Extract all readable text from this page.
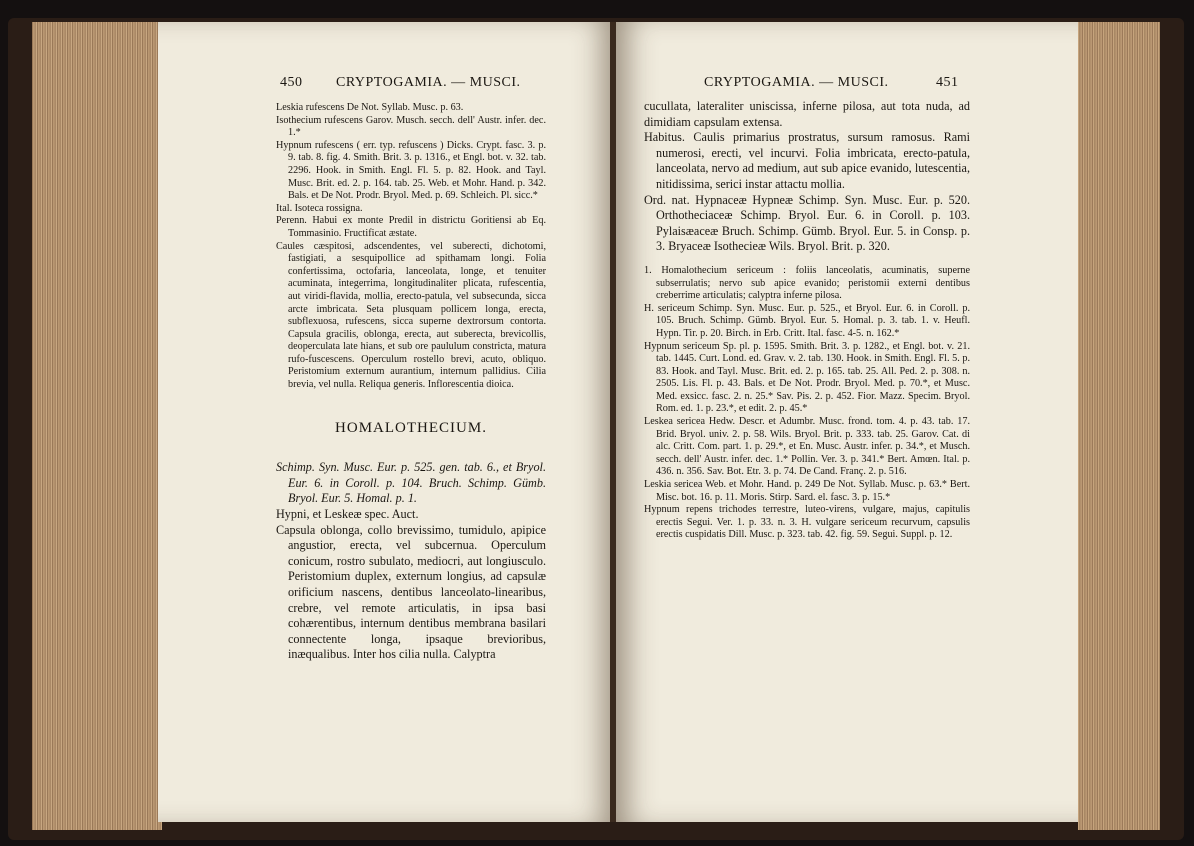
450 CRYPTOGAMIA. — MUSCI.

Leskia rufescens De Not. Syllab. Musc. p. 63.

Isothecium rufescens Garov. Musch. secch. dell' Austr. infer. dec. 1.*

Hypnum rufescens ( err. typ. refuscens ) Dicks. Crypt. fasc. 3. p. 9. tab. 8. fig. 4. Smith. Brit. 3. p. 1316., et Engl. bot. v. 32. tab. 2296. Hook. in Smith. Engl. Fl. 5. p. 82. Hook. and Tayl. Musc. Brit. ed. 2. p. 164. tab. 25. Web. et Mohr. Hand. p. 342. Bals. et De Not. Prodr. Bryol. Med. p. 69. Schleich. Pl. sicc.*

Ital. Isoteca rossigna.

Perenn. Habui ex monte Predil in districtu Goritiensi ab Eq. Tommasinio. Fructificat æstate.

Caules cæspitosi, adscendentes, vel suberecti, dichotomi, fastigiati, a sesquipollice ad spithamam longi. Folia confertissima, octofaria, lanceolata, longe, et tenuiter acuminata, integerrima, longitudinaliter plicata, rufescentia, aut viridi-flavida, mollia, erecto-patula, vel subsecunda, sicca arcte imbricata. Seta plusquam pollicem longa, erecta, subflexuosa, rufescens, sicca superne dextrorsum contorta. Capsula gracilis, oblonga, erecta, aut suberecta, brevicollis, deoperculata late hians, et sub ore paululum constricta, matura rufo-fuscescens. Operculum rostello brevi, acuto, obliquo. Peristomium externum aurantium, internum pallidius. Cilia brevia, vel nulla. Reliqua generis. Inflorescentia dioica.

HOMALOTHECIUM.

Schimp. Syn. Musc. Eur. p. 525. gen. tab. 6., et Bryol. Eur. 6. in Coroll. p. 104. Bruch. Schimp. Gümb. Bryol. Eur. 5. Homal. p. 1.

Hypni, et Leskeæ spec. Auct.

Capsula oblonga, collo brevissimo, tumidulo, apipice angustior, erecta, vel subcernua. Operculum conicum, rostro subulato, mediocri, aut longiusculo. Peristomium duplex, externum longius, ad capsulæ orificium nascens, dentibus lanceolato-linearibus, crebre, vel remote articulatis, in ipsa basi cohærentibus, internum dentibus membrana basilari connectente longa, ipsaque brevioribus, inæqualibus. Inter hos cilia nulla. Calyptra

CRYPTOGAMIA. — MUSCI.	451

cucullata, lateraliter uniscissa, inferne pilosa, aut tota nuda, ad dimidiam capsulam extensa.

Habitus. Caulis primarius prostratus, sursum ramosus. Rami numerosi, erecti, vel incurvi. Folia imbricata, erecto-patula, lanceolata, nervo ad medium, aut sub apice evanido, lutescentia, nitidissima, serici instar attactu mollia.

Ord. nat. Hypnaceæ Hypneæ Schimp. Syn. Musc. Eur. p. 520. Orthotheciaceæ Schimp. Bryol. Eur. 6. in Coroll. p. 103. Pylaisæaceæ Bruch. Schimp. Gümb. Bryol. Eur. 5. in Consp. p. 3. Bryaceæ Isothecieæ Wils. Bryol. Brit. p. 320.

1. Homalothecium sericeum : foliis lanceolatis, acuminatis, superne subserrulatis; nervo sub apice evanido; peristomii externi dentibus creberrime articulatis; calyptra inferne pilosa.

H. sericeum Schimp. Syn. Musc. Eur. p. 525., et Bryol. Eur. 6. in Coroll. p. 105. Bruch. Schimp. Gümb. Bryol. Eur. 5. Homal. p. 3. tab. 1. v. Heufl. Hypn. Tir. p. 20. Birch. in Erb. Critt. Ital. fasc. 4-5. n. 162.*

Hypnum sericeum Sp. pl. p. 1595. Smith. Brit. 3. p. 1282., et Engl. bot. v. 21. tab. 1445. Curt. Lond. ed. Grav. v. 2. tab. 130. Hook. in Smith. Engl. Fl. 5. p. 83. Hook. and Tayl. Musc. Brit. ed. 2. p. 165. tab. 25. All. Ped. 2. p. 308. n. 2505. Lis. Fl. p. 43. Bals. et De Not. Prodr. Bryol. Med. p. 70.*, et Musc. Med. exsicc. fasc. 2. n. 25.* Sav. Pis. 2. p. 452. Fior. Mazz. Specim. Bryol. Rom. ed. 1. p. 23.*, et edit. 2. p. 45.*

Leskea sericea Hedw. Descr. et Adumbr. Musc. frond. tom. 4. p. 43. tab. 17. Brid. Bryol. univ. 2. p. 58. Wils. Bryol. Brit. p. 333. tab. 25. Garov. Cat. di alc. Critt. Com. part. 1. p. 29.*, et En. Musc. Austr. infer. p. 34.*, et Musch. secch. dell' Austr. infer. dec. 1.* Pollin. Ver. 3. p. 341.* Bert. Amœn. Ital. p. 436. n. 356. Sav. Bot. Etr. 3. p. 74. De Cand. Franç. 2. p. 516.

Leskia sericea Web. et Mohr. Hand. p. 249 De Not. Syllab. Musc. p. 63.* Bert. Misc. bot. 16. p. 11. Moris. Stirp. Sard. el. fasc. 3. p. 15.*

Hypnum repens trichodes terrestre, luteo-virens, vulgare, majus, capitulis erectis Segui. Ver. 1. p. 33. n. 3. H. vulgare sericeum recurvum, capsulis erectis cuspidatis Dill. Musc. p. 323. tab. 42. fig. 59. Segui. Suppl. p. 12.
